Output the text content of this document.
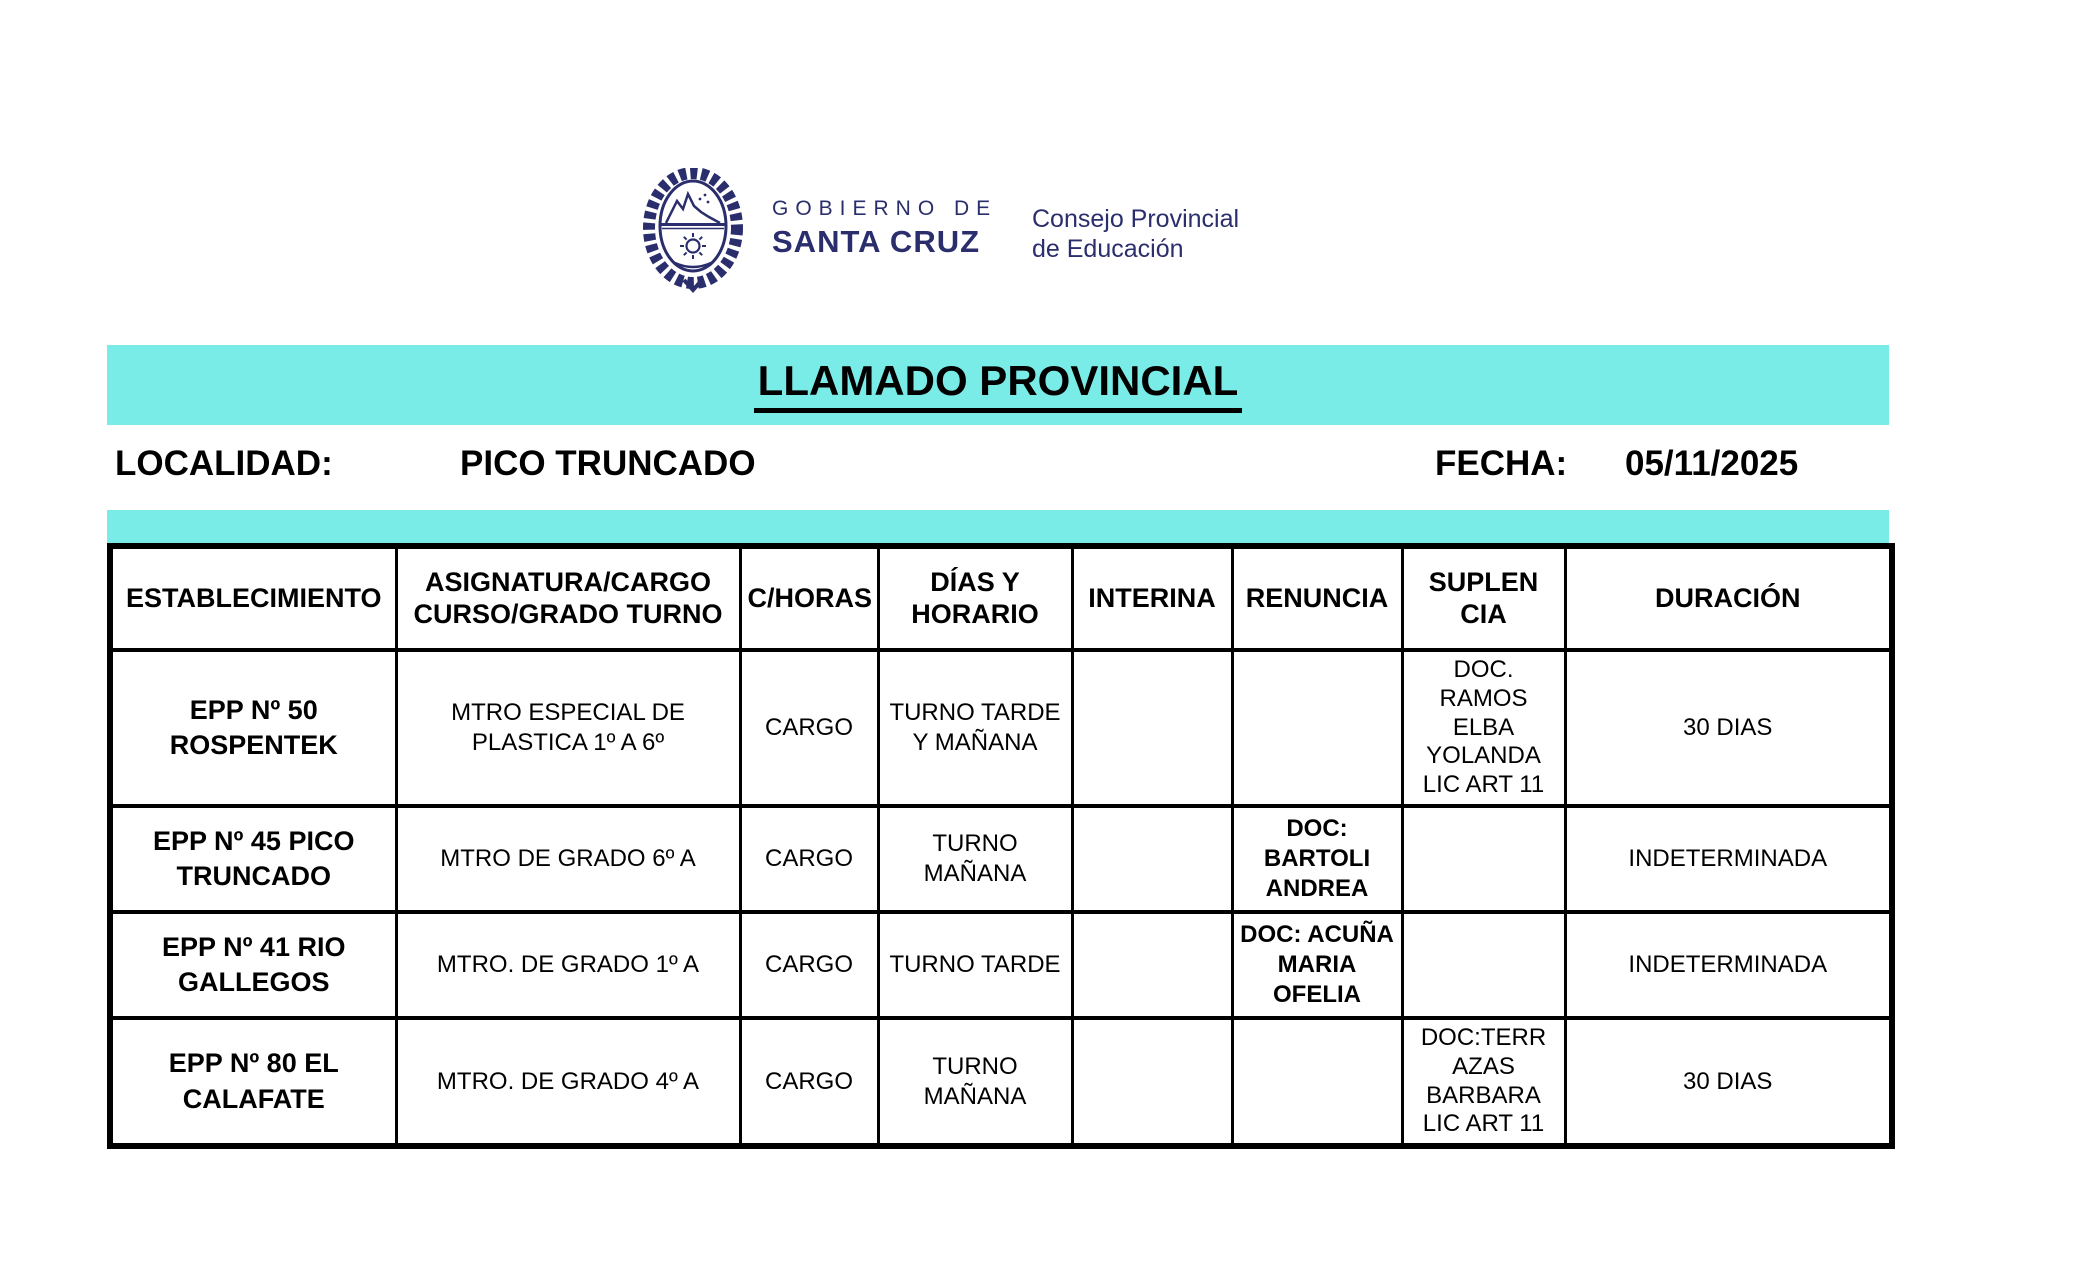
GOBIERNO DE
SANTA CRUZ
Consejo Provincial
de Educación
LLAMADO PROVINCIAL
LOCALIDAD:	PICO TRUNCADO	FECHA: 05/11/2025
ESTABLECIMIENTO	ASIGNATURA/CARGO CURSO/GRADO TURNO	C/HORAS	DÍAS Y HORARIO	INTERINA	RENUNCIA	SUPLENCIA	DURACIÓN
EPP Nº 50 ROSPENTEK	MTRO ESPECIAL DE PLASTICA 1º A 6º	CARGO	TURNO TARDE Y MAÑANA			DOC. RAMOS ELBA YOLANDA LIC ART 11	30 DIAS
EPP Nº 45 PICO TRUNCADO	MTRO DE GRADO 6º A	CARGO	TURNO MAÑANA		DOC: BARTOLI ANDREA		INDETERMINADA
EPP Nº 41 RIO GALLEGOS	MTRO. DE GRADO 1º A	CARGO	TURNO TARDE		DOC: ACUÑA MARIA OFELIA		INDETERMINADA
EPP Nº 80 EL CALAFATE	MTRO. DE GRADO 4º A	CARGO	TURNO MAÑANA			DOC:TERRAZAS BARBARA LIC ART 11	30 DIAS
